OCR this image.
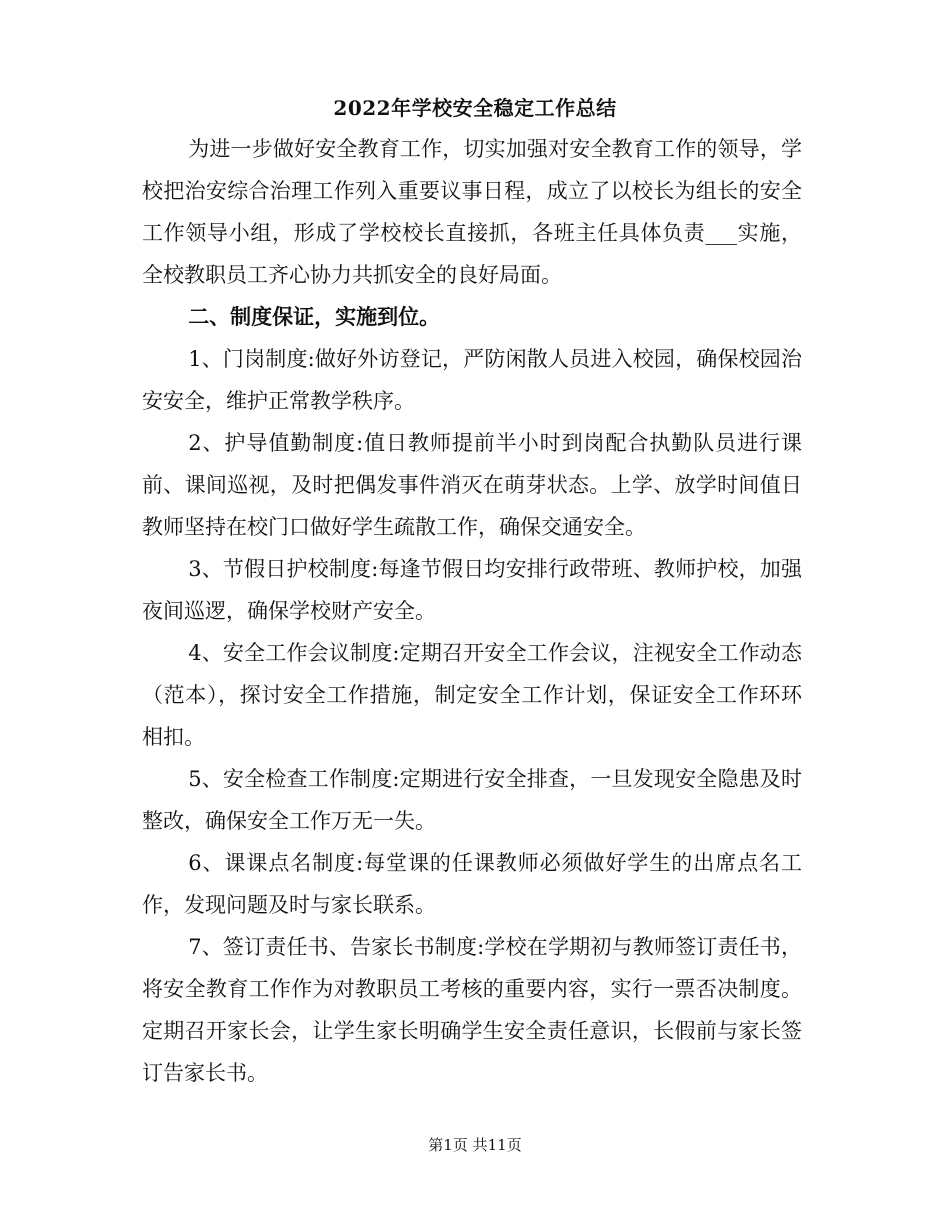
2022年学校安全稳定工作总结

为进一步做好安全教育工作，切实加强对安全教育工作的领导，学校把治安综合治理工作列入重要议事日程，成立了以校长为组长的安全工作领导小组，形成了学校校长直接抓，各班主任具体负责___实施，全校教职员工齐心协力共抓安全的良好局面。

二、制度保证，实施到位。

1、门岗制度:做好外访登记，严防闲散人员进入校园，确保校园治安安全，维护正常教学秩序。

2、护导值勤制度:值日教师提前半小时到岗配合执勤队员进行课前、课间巡视，及时把偶发事件消灭在萌芽状态。上学、放学时间值日教师坚持在校门口做好学生疏散工作，确保交通安全。

3、节假日护校制度:每逢节假日均安排行政带班、教师护校，加强夜间巡逻，确保学校财产安全。

4、安全工作会议制度:定期召开安全工作会议，注视安全工作动态（范本），探讨安全工作措施，制定安全工作计划，保证安全工作环环相扣。

5、安全检查工作制度:定期进行安全排查，一旦发现安全隐患及时整改，确保安全工作万无一失。

6、课课点名制度:每堂课的任课教师必须做好学生的出席点名工作，发现问题及时与家长联系。

7、签订责任书、告家长书制度:学校在学期初与教师签订责任书，将安全教育工作作为对教职员工考核的重要内容，实行一票否决制度。定期召开家长会，让学生家长明确学生安全责任意识，长假前与家长签订告家长书。

第1页 共11页
